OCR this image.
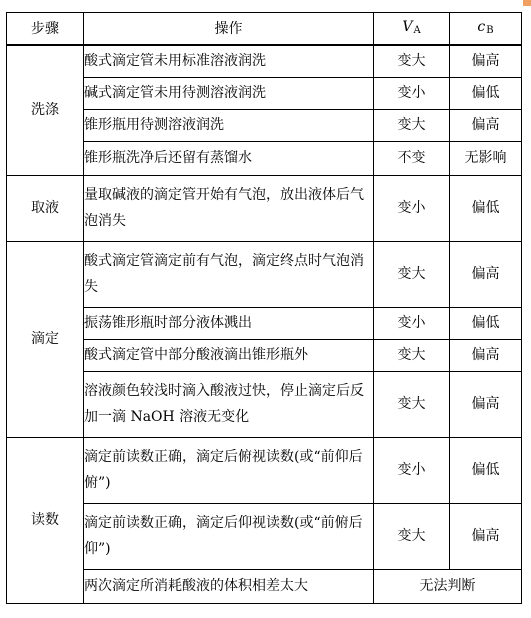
步骤	操作	$V_A$	$c_B$
洗涤	酸式滴定管未用标准溶液润洗	变大	偏高
	碱式滴定管未用待测溶液润洗	变小	偏低
	锥形瓶用待测溶液润洗	变大	偏高
	锥形瓶洗净后还留有蒸馏水	不变	无影响
取液	量取碱液的滴定管开始有气泡，放出液体后气泡消失	变小	偏低
滴定	酸式滴定管滴定前有气泡，滴定终点时气泡消失	变大	偏高
	振荡锥形瓶时部分液体溅出	变小	偏低
	酸式滴定管中部分酸液滴出锥形瓶外	变大	偏高
	溶液颜色较浅时滴入酸液过快，停止滴定后反加一滴 NaOH 溶液无变化	变大	偏高
读数	滴定前读数正确，滴定后俯视读数(或“前仰后俯”)	变小	偏低
	滴定前读数正确，滴定后仰视读数(或“前俯后仰”)	变大	偏高
	两次滴定所消耗酸液的体积相差太大	无法判断	
